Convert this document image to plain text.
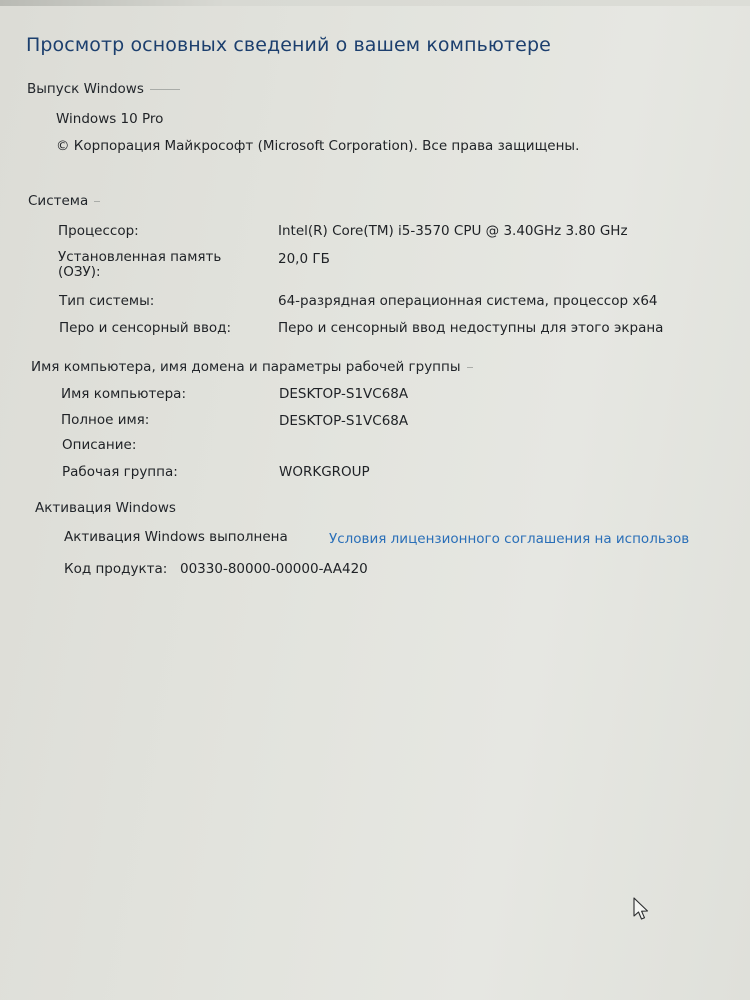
Просмотр основных сведений о вашем компьютере
Выпуск Windows
Windows 10 Pro
© Корпорация Майкрософт (Microsoft Corporation). Все права защищены.
Система
Процессор:	Intel(R) Core(TM) i5-3570 CPU @ 3.40GHz 3.80 GHz
Установленная память (ОЗУ):
20,0 ГБ
Тип системы:	64-разрядная операционная система, процессор x64
Перо и сенсорный ввод:	Перо и сенсорный ввод недоступны для этого экрана
Имя компьютера, имя домена и параметры рабочей группы
Имя компьютера:	DESKTOP-S1VC68A
Полное имя:	DESKTOP-S1VC68A
Описание:
Рабочая группа:	WORKGROUP
Активация Windows
Активация Windows выполнена	Условия лицензионного соглашения на использов
Код продукта: 00330-80000-00000-AA420
